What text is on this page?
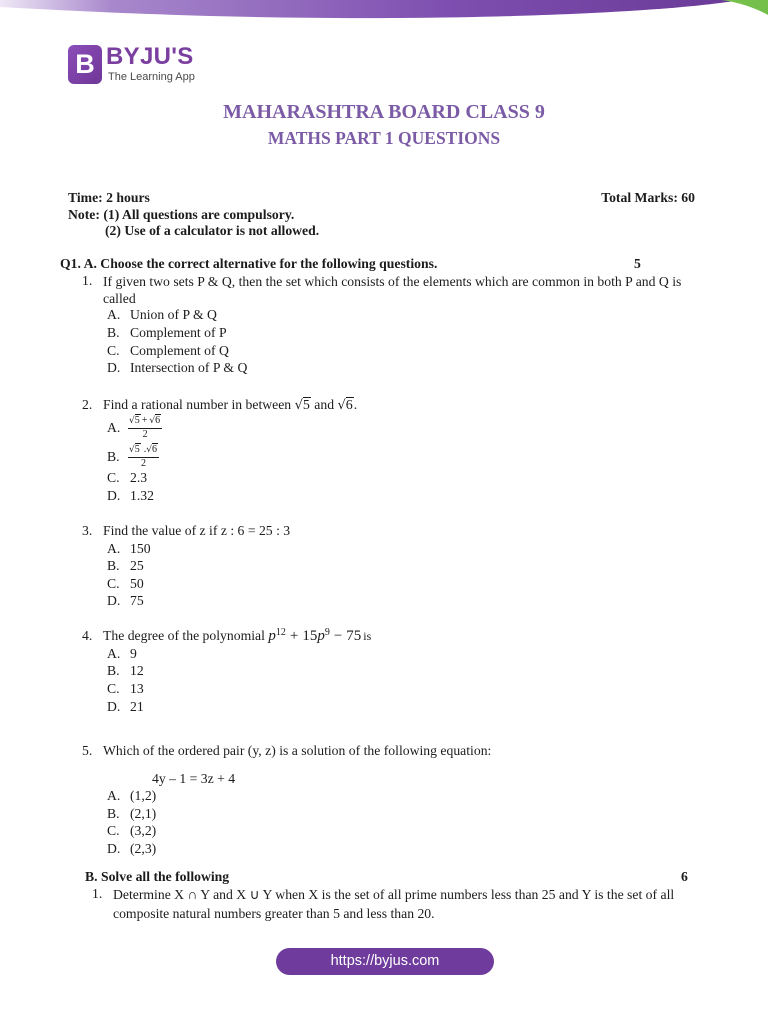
B BYJU'S
The Learning App
MAHARASHTRA BOARD CLASS 9
MATHS PART 1 QUESTIONS
Time: 2 hours	Total Marks: 60
Note: (1) All questions are compulsory.
(2) Use of a calculator is not allowed.
Q1. A. Choose the correct alternative for the following questions.	5
1. If given two sets P & Q, then the set which consists of the elements which are common in both P and Q is called
A. Union of P & Q
B. Complement of P
C. Complement of Q
D. Intersection of P & Q
2. Find a rational number in between √5 and √6.
A. $\frac{√5 + √6}{2}$
B. $\frac{√5 .√6}{2}$
C. 2.3
D. 1.32
3. Find the value of z if z : 6 = 25 : 3
A. 150
B. 25
C. 50
D. 75
4. The degree of the polynomial $p^{12} + 15p^9 - 75$ is
A. 9
B. 12
C. 13
D. 21
5. Which of the ordered pair (y, z) is a solution of the following equation:
4y – 1 = 3z + 4
A. (1,2)
B. (2,1)
C. (3,2)
D. (2,3)
B. Solve all the following	6
1. Determine X ∩ Y and X ∪ Y when X is the set of all prime numbers less than 25 and Y is the set of all composite natural numbers greater than 5 and less than 20.
https://byjus.com
